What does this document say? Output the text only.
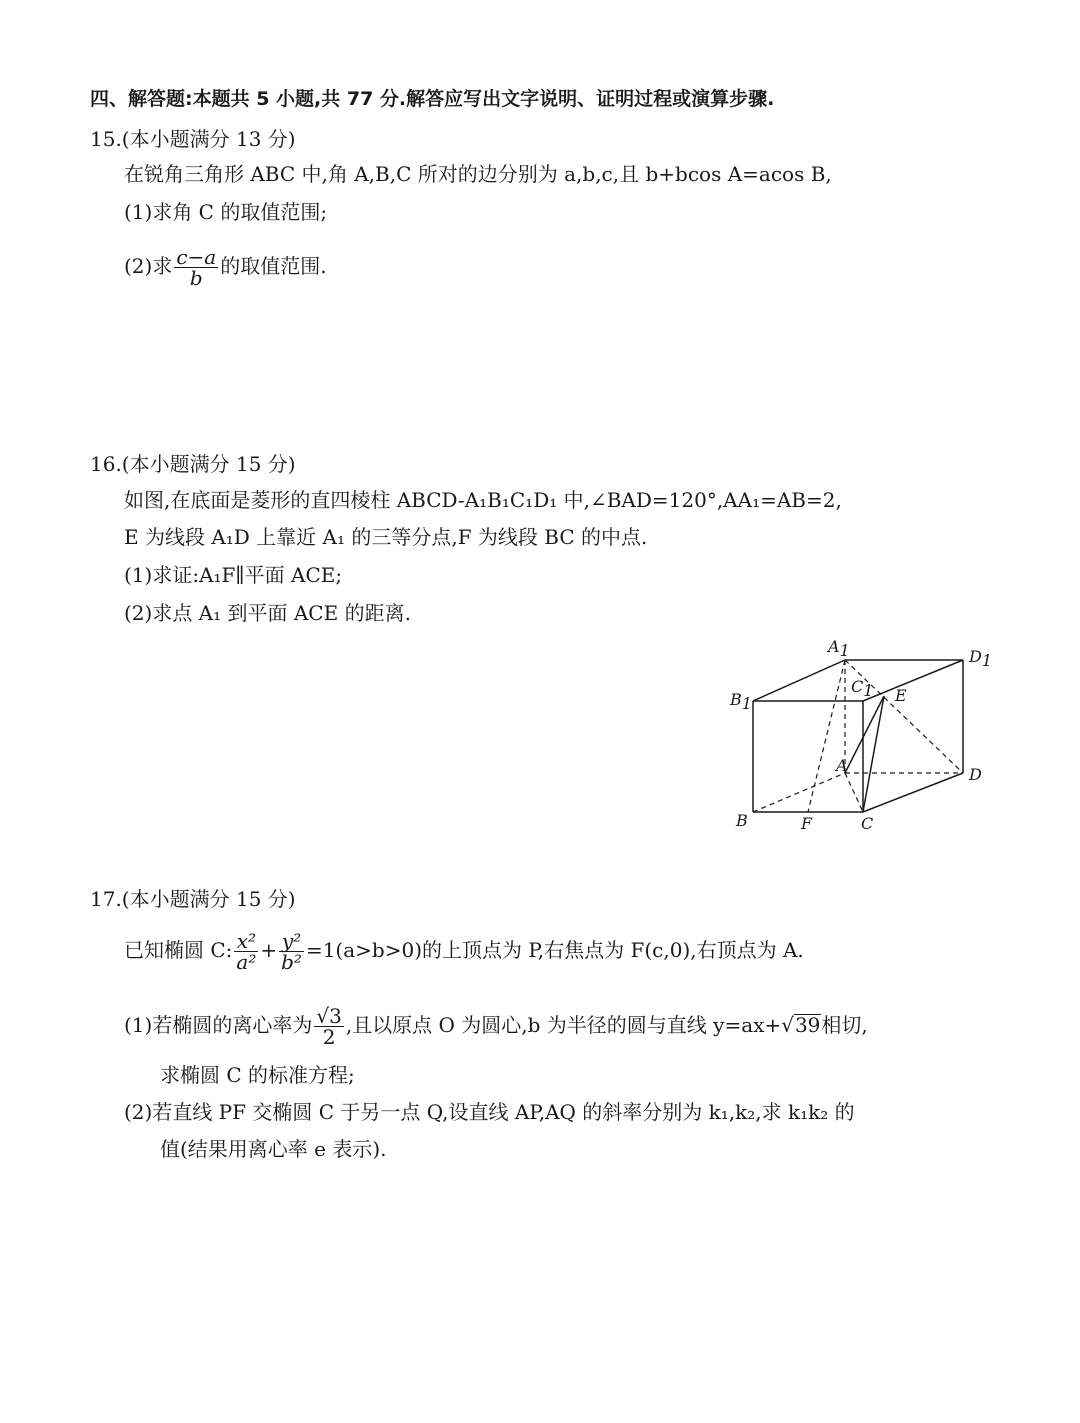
四、解答题:本题共 5 小题,共 77 分.解答应写出文字说明、证明过程或演算步骤.
15.(本小题满分 13 分)
在锐角三角形 ABC 中,角 A,B,C 所对的边分别为 a,b,c,且 b+bcos A=acos B,
(1)求角 C 的取值范围;
(2)求 $\frac{c-a}{b}$ 的取值范围.
16.(本小题满分 15 分)
如图,在底面是菱形的直四棱柱 ABCD-A₁B₁C₁D₁ 中,∠BAD=120°,AA₁=AB=2,
E 为线段 A₁D 上靠近 A₁ 的三等分点,F 为线段 BC 的中点.
(1)求证:A₁F∥平面 ACE;
(2)求点 A₁ 到平面 ACE 的距离.
A1	D1
B1
C1 E
A	D
B	F	C
17.(本小题满分 15 分)
已知椭圆 C: $\frac{\text{x²}}{\text{a²}} + \frac{\text{y²}}{\text{b²}} =1(a>b>0)$的上顶点为 P,右焦点为 F(c,0),右顶点为 A.
(1)若椭圆的离心率为 $\frac{√3}{2}$ ,且以原点 O 为圆心,b 为半径的圆与直线 y=ax+√39相切,
求椭圆 C 的标准方程;
(2)若直线 PF 交椭圆 C 于另一点 Q,设直线 AP,AQ 的斜率分别为 k₁,k₂,求 k₁k₂ 的
值(结果用离心率 e 表示).
